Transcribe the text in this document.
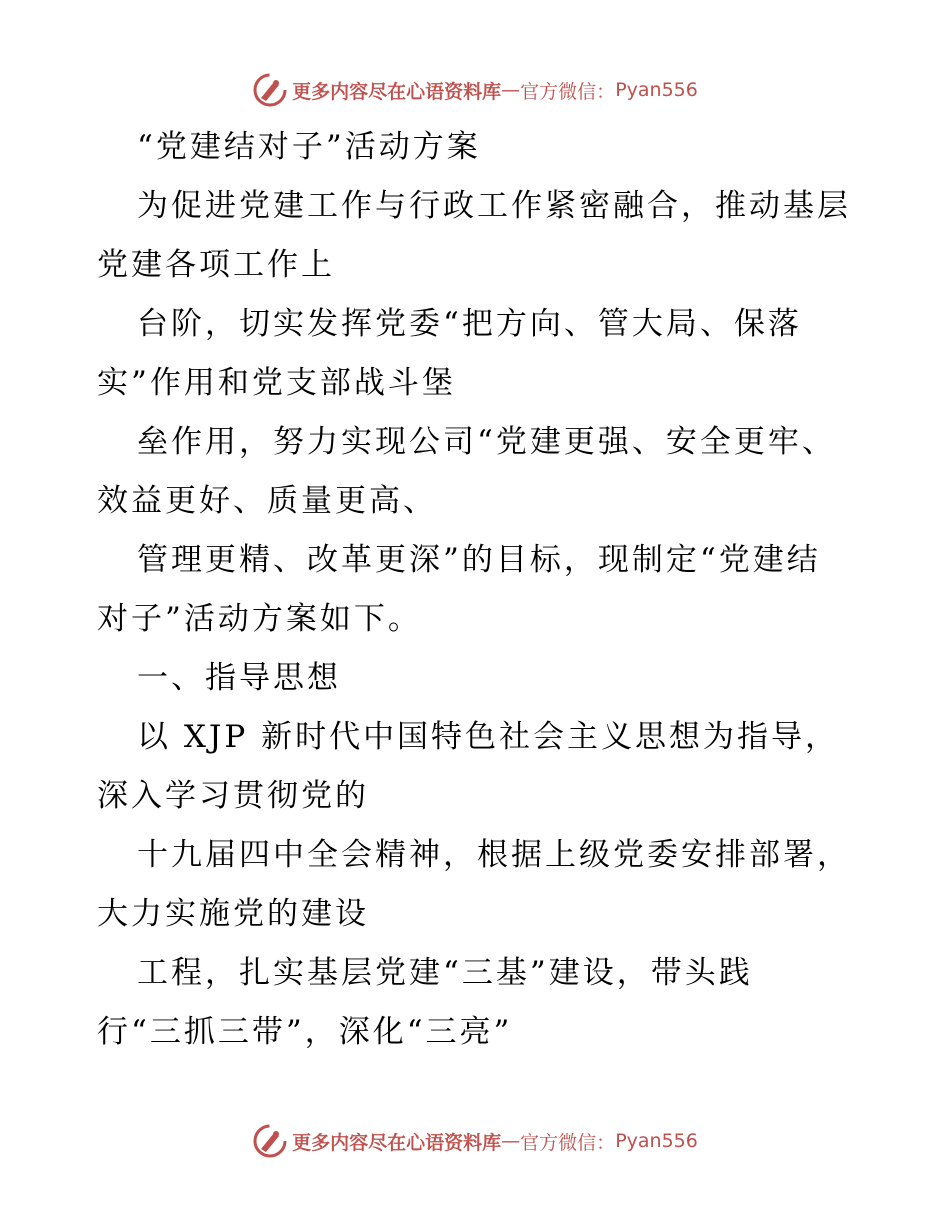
更多内容尽在心语资料库 — 官方微信： Pyan556
“党建结对子”活动方案
为促进党建工作与行政工作紧密融合，推动基层
党建各项工作上
台阶，切实发挥党委“把方向、管大局、保落
实”作用和党支部战斗堡
垒作用，努力实现公司“党建更强、安全更牢、
效益更好、质量更高、
管理更精、改革更深”的目标，现制定“党建结
对子”活动方案如下。
一、指导思想
以 XJP 新时代中国特色社会主义思想为指导，
深入学习贯彻党的
十九届四中全会精神，根据上级党委安排部署，
大力实施党的建设
工程，扎实基层党建“三基”建设，带头践
行“三抓三带”，深化“三亮”
更多内容尽在心语资料库 — 官方微信： Pyan556
